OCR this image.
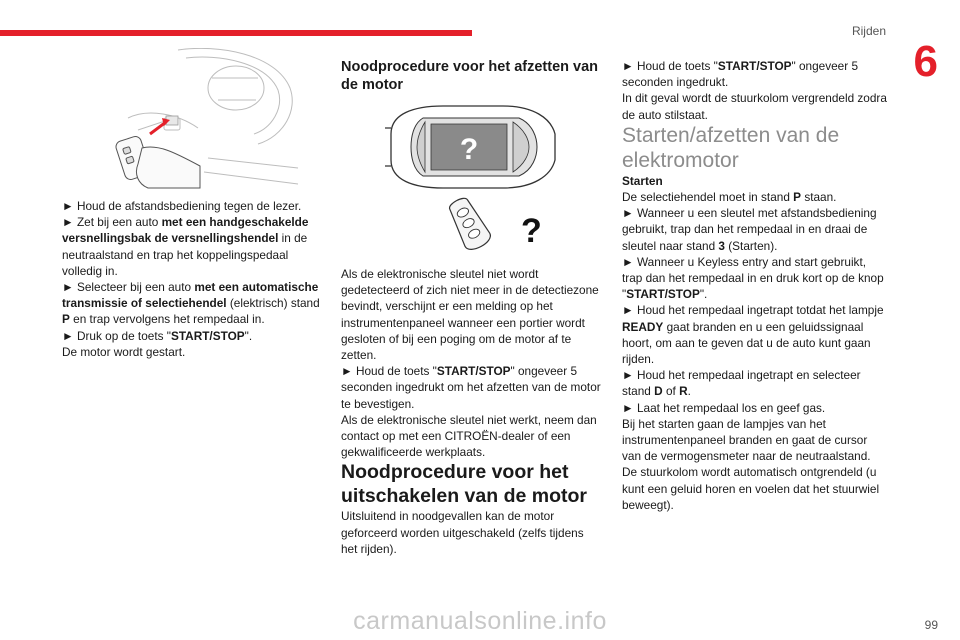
Rijden
6

► Houd de afstandsbediening tegen de lezer.

► Zet bij een auto met een handgeschakelde versnellingsbak de versnellingshendel in de neutraalstand en trap het koppelingspedaal volledig in.

► Selecteer bij een auto met een automatische transmissie of selectiehendel (elektrisch) stand P en trap vervolgens het rempedaal in.

► Druk op de toets "START/STOP".

De motor wordt gestart.

Noodprocedure voor het afzetten van de motor

?
?

Als de elektronische sleutel niet wordt gedetecteerd of zich niet meer in de detectiezone bevindt, verschijnt er een melding op het instrumentenpaneel wanneer een portier wordt gesloten of bij een poging om de motor af te zetten.

► Houd de toets "START/STOP" ongeveer 5 seconden ingedrukt om het afzetten van de motor te bevestigen.

Als de elektronische sleutel niet werkt, neem dan contact op met een CITROËN-dealer of een gekwalificeerde werkplaats.

Noodprocedure voor het uitschakelen van de motor

Uitsluitend in noodgevallen kan de motor geforceerd worden uitgeschakeld (zelfs tijdens het rijden).

► Houd de toets "START/STOP" ongeveer 5 seconden ingedrukt.

In dit geval wordt de stuurkolom vergrendeld zodra de auto stilstaat.

Starten/afzetten van de elektromotor

Starten

De selectiehendel moet in stand P staan.

► Wanneer u een sleutel met afstandsbediening gebruikt, trap dan het rempedaal in en draai de sleutel naar stand 3 (Starten).

► Wanneer u Keyless entry and start gebruikt, trap dan het rempedaal in en druk kort op de knop "START/STOP".

► Houd het rempedaal ingetrapt totdat het lampje READY gaat branden en u een geluidssignaal hoort, om aan te geven dat u de auto kunt gaan rijden.

► Houd het rempedaal ingetrapt en selecteer stand D of R.

► Laat het rempedaal los en geef gas.

Bij het starten gaan de lampjes van het instrumentenpaneel branden en gaat de cursor van de vermogensmeter naar de neutraalstand.

De stuurkolom wordt automatisch ontgrendeld (u kunt een geluid horen en voelen dat het stuurwiel beweegt).

99
carmanualsonline.info
